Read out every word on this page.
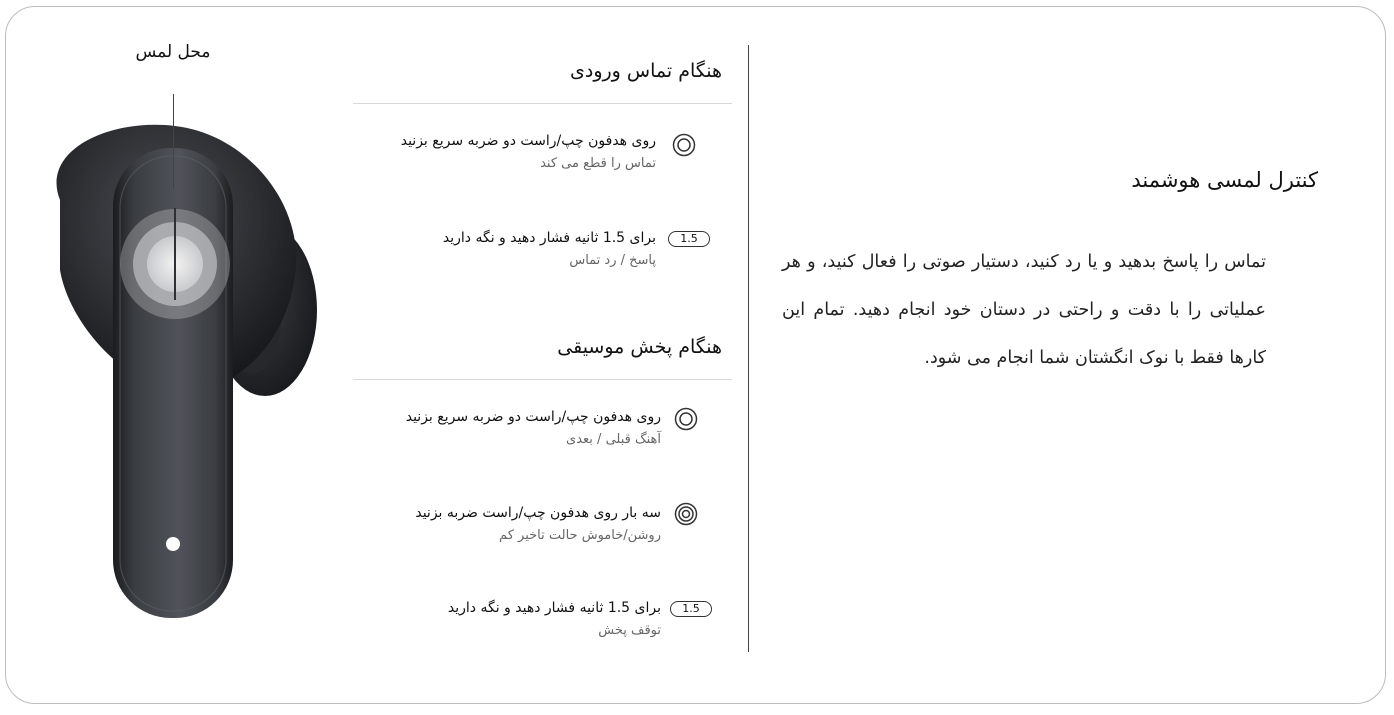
محل لمس
کنترل لمسی هوشمند
تماس را پاسخ بدهید و یا رد کنید، دستیار صوتی را فعال کنید، و هر عملیاتی را با دقت و راحتی در دستان خود انجام دهید. تمام این کارها فقط با نوک انگشتان شما انجام می شود.
هنگام تماس ورودی
روی هدفون چپ/راست دو ضربه سریع بزنید
تماس را قطع می کند
برای 1.5 ثانیه فشار دهید و نگه دارید
پاسخ / رد تماس
1.5
هنگام پخش موسیقی
روی هدفون چپ/راست دو ضربه سریع بزنید
آهنگ قبلی / بعدی
سه بار روی هدفون چپ/راست ضربه بزنید
روشن/خاموش حالت تاخیر کم
برای 1.5 ثانیه فشار دهید و نگه دارید
توقف پخش
1.5
